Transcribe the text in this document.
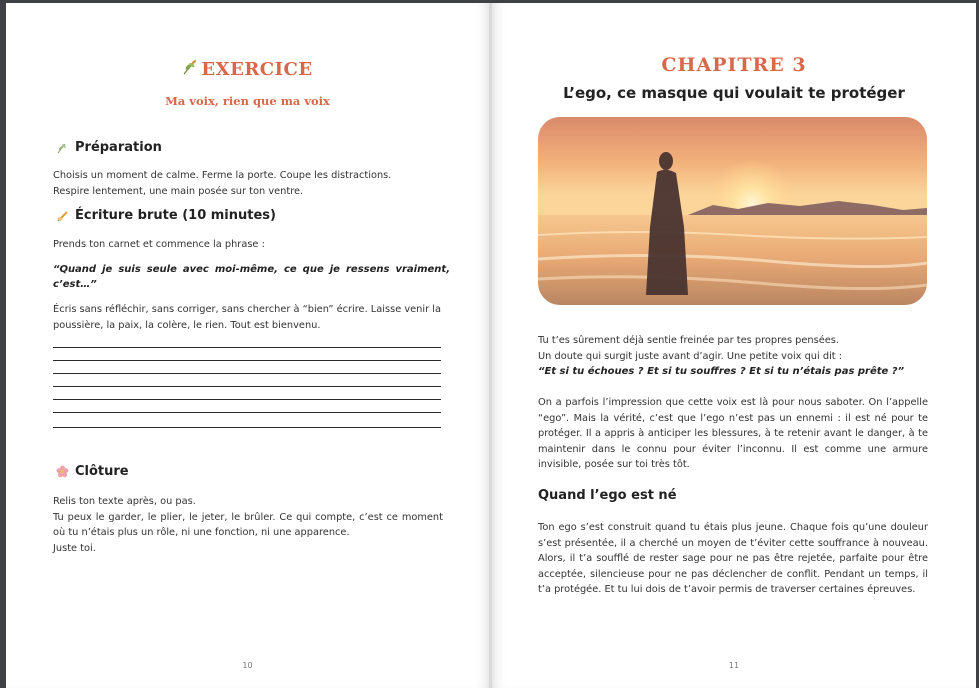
EXERCICE
Ma voix, rien que ma voix
Préparation
Choisis un moment de calme. Ferme la porte. Coupe les distractions.
Respire lentement, une main posée sur ton ventre.
Écriture brute (10 minutes)
Prends ton carnet et commence la phrase :
“Quand je suis seule avec moi-même, ce que je ressens vraiment, c’est…”
Écris sans réfléchir, sans corriger, sans chercher à “bien” écrire. Laisse venir la poussière, la paix, la colère, le rien. Tout est bienvenu.
Clôture
Relis ton texte après, ou pas.
Tu peux le garder, le plier, le jeter, le brûler. Ce qui compte, c’est ce moment où tu n’étais plus un rôle, ni une fonction, ni une apparence.
Juste toi.
10
CHAPITRE 3
L’ego, ce masque qui voulait te protéger
Tu t’es sûrement déjà sentie freinée par tes propres pensées.
Un doute qui surgit juste avant d’agir. Une petite voix qui dit :
“Et si tu échoues ? Et si tu souffres ? Et si tu n’étais pas prête ?”
On a parfois l’impression que cette voix est là pour nous saboter. On l’appelle “ego”. Mais la vérité, c’est que l’ego n’est pas un ennemi : il est né pour te protéger. Il a appris à anticiper les blessures, à te retenir avant le danger, à te maintenir dans le connu pour éviter l’inconnu. Il est comme une armure invisible, posée sur toi très tôt.
Quand l’ego est né
Ton ego s’est construit quand tu étais plus jeune. Chaque fois qu’une douleur s’est présentée, il a cherché un moyen de t’éviter cette souffrance à nouveau. Alors, il t’a soufflé de rester sage pour ne pas être rejetée, parfaite pour être acceptée, silencieuse pour ne pas déclencher de conflit. Pendant un temps, il t’a protégée. Et tu lui dois de t’avoir permis de traverser certaines épreuves.
11
